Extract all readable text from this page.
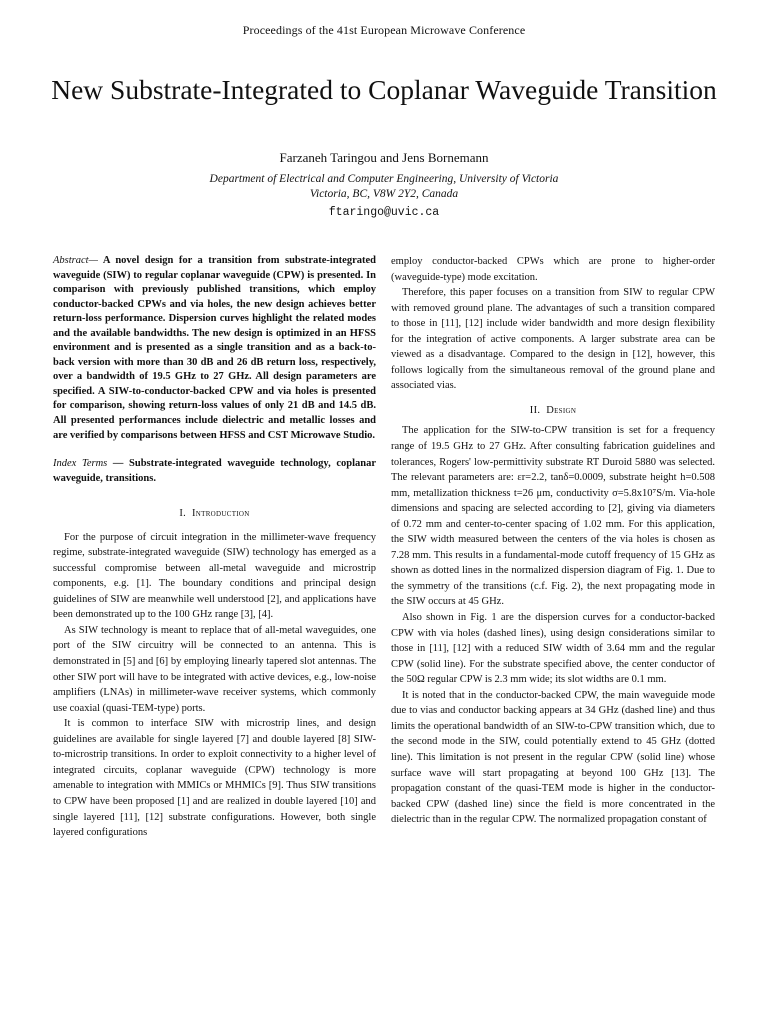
Proceedings of the 41st European Microwave Conference
New Substrate-Integrated to Coplanar Waveguide Transition
Farzaneh Taringou and Jens Bornemann
Department of Electrical and Computer Engineering, University of Victoria
Victoria, BC, V8W 2Y2, Canada
ftaringo@uvic.ca

Abstract— A novel design for a transition from substrate-integrated waveguide (SIW) to regular coplanar waveguide (CPW) is presented. In comparison with previously published transitions, which employ conductor-backed CPWs and via holes, the new design achieves better return-loss performance. Dispersion curves highlight the related modes and the available bandwidths. The new design is optimized in an HFSS environment and is presented as a single transition and as a back-to-back version with more than 30 dB and 26 dB return loss, respectively, over a bandwidth of 19.5 GHz to 27 GHz. All design parameters are specified. A SIW-to-conductor-backed CPW and via holes is presented for comparison, showing return-loss values of only 21 dB and 14.5 dB. All presented performances include dielectric and metallic losses and are verified by comparisons between HFSS and CST Microwave Studio.

Index Terms — Substrate-integrated waveguide technology, coplanar waveguide, transitions.

I. Introduction

For the purpose of circuit integration in the millimeter-wave frequency regime, substrate-integrated waveguide (SIW) technology has emerged as a successful compromise between all-metal waveguide and microstrip components, e.g. [1]. The boundary conditions and principal design guidelines of SIW are meanwhile well understood [2], and applications have been demonstrated up to the 100 GHz range [3], [4].

As SIW technology is meant to replace that of all-metal waveguides, one port of the SIW circuitry will be connected to an antenna. This is demonstrated in [5] and [6] by employing linearly tapered slot antennas. The other SIW port will have to be integrated with active devices, e.g., low-noise amplifiers (LNAs) in millimeter-wave receiver systems, which commonly use coaxial (quasi-TEM-type) ports.

It is common to interface SIW with microstrip lines, and design guidelines are available for single layered [7] and double layered [8] SIW-to-microstrip transitions. In order to exploit connectivity to a higher level of integrated circuits, coplanar waveguide (CPW) technology is more amenable to integration with MMICs or MHMICs [9]. Thus SIW transitions to CPW have been proposed [1] and are realized in double layered [10] and single layered [11], [12] substrate configurations. However, both single layered configurations

employ conductor-backed CPWs which are prone to higher-order (waveguide-type) mode excitation.

Therefore, this paper focuses on a transition from SIW to regular CPW with removed ground plane. The advantages of such a transition compared to those in [11], [12] include wider bandwidth and more design flexibility for the integration of active components. A larger substrate area can be viewed as a disadvantage. Compared to the design in [12], however, this follows logically from the simultaneous removal of the ground plane and associated vias.

II. Design

The application for the SIW-to-CPW transition is set for a frequency range of 19.5 GHz to 27 GHz. After consulting fabrication guidelines and tolerances, Rogers' low-permittivity substrate RT Duroid 5880 was selected. The relevant parameters are: εr=2.2, tanδ=0.0009, substrate height h=0.508 mm, metallization thickness t=26 μm, conductivity σ=5.8x10⁷S/m. Via-hole dimensions and spacing are selected according to [2], giving via diameters of 0.72 mm and center-to-center spacing of 1.02 mm. For this application, the SIW width measured between the centers of the via holes is chosen as 7.28 mm. This results in a fundamental-mode cutoff frequency of 15 GHz as shown as dotted lines in the normalized dispersion diagram of Fig. 1. Due to the symmetry of the transitions (c.f. Fig. 2), the next propagating mode in the SIW occurs at 45 GHz.

Also shown in Fig. 1 are the dispersion curves for a conductor-backed CPW with via holes (dashed lines), using design considerations similar to those in [11], [12] with a reduced SIW width of 3.64 mm and the regular CPW (solid line). For the substrate specified above, the center conductor of the 50Ω regular CPW is 2.3 mm wide; its slot widths are 0.1 mm.

It is noted that in the conductor-backed CPW, the main waveguide mode due to vias and conductor backing appears at 34 GHz (dashed line) and thus limits the operational bandwidth of an SIW-to-CPW transition which, due to the second mode in the SIW, could potentially extend to 45 GHz (dotted line). This limitation is not present in the regular CPW (solid line) whose surface wave will start propagating at beyond 100 GHz [13]. The propagation constant of the quasi-TEM mode is higher in the conductor-backed CPW (dashed line) since the field is more concentrated in the dielectric than in the regular CPW. The normalized propagation constant of
